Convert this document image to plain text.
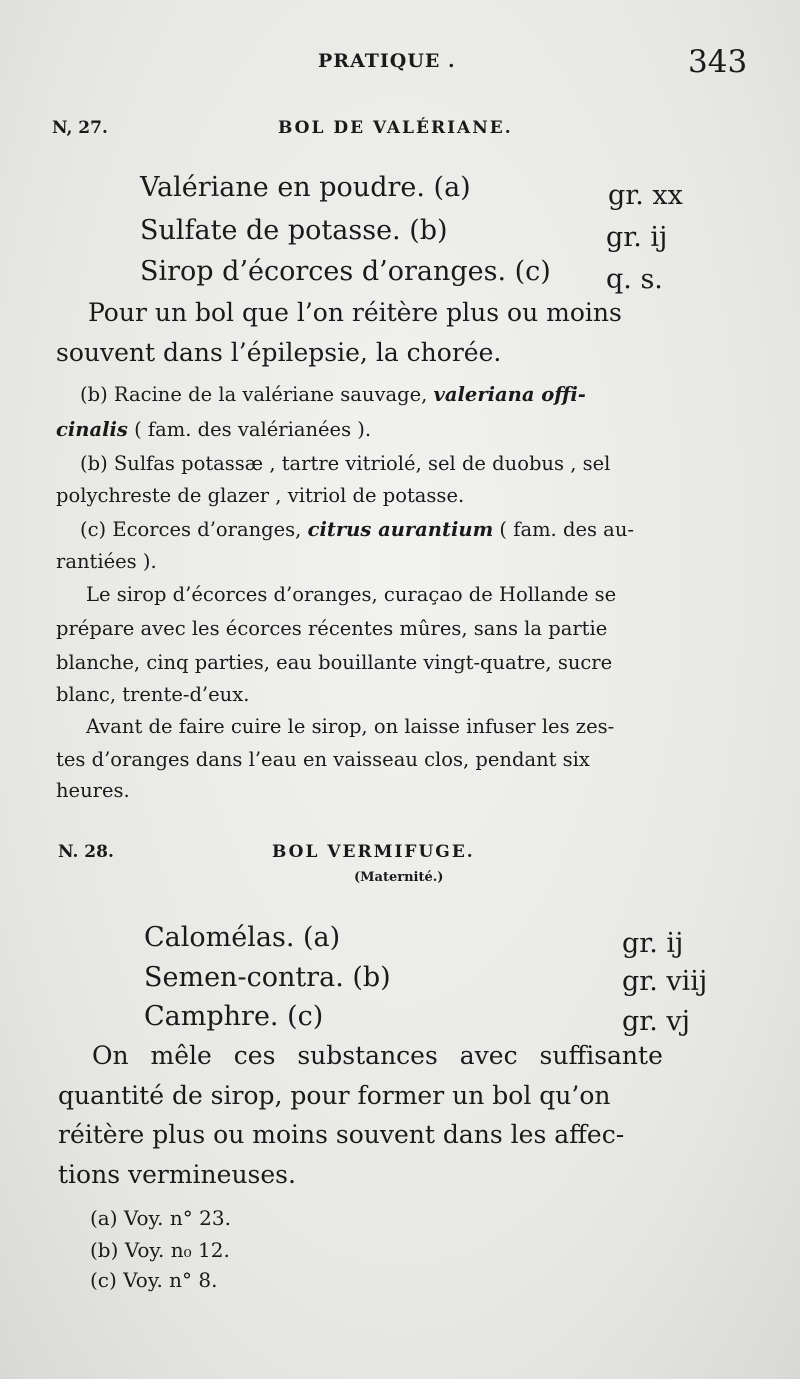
PRATIQUE .	343
N, 27.	BOL DE VALÉRIANE.
Valériane en poudre. (a)	gr. xx
Sulfate de potasse. (b)	gr. ij
Sirop d’écorces d’oranges. (c) q. s.
Pour un bol que l’on réitère plus ou moins
souvent dans l’épilepsie, la chorée.
(b) Racine de la valériane sauvage, valeriana offi-
cinalis ( fam. des valérianées ).
(b) Sulfas potassæ , tartre vitriolé, sel de duobus , sel
polychreste de glazer , vitriol de potasse.
(c) Ecorces d’oranges, citrus aurantium ( fam. des au-
rantiées ).
Le sirop d’écorces d’oranges, curaçao de Hollande se
prépare avec les écorces récentes mûres, sans la partie
blanche, cinq parties, eau bouillante vingt-quatre, sucre
blanc, trente-d’eux.
Avant de faire cuire le sirop, on laisse infuser les zes-
tes d’oranges dans l’eau en vaisseau clos, pendant six
heures.
N. 28.	BOL VERMIFUGE.
(Maternité.)
Calomélas. (a)	gr. ij
Semen-contra. (b)	gr. viij
Camphre. (c)	gr. vj
On mêle ces substances avec suffisante
quantité de sirop, pour former un bol qu’on
réitère plus ou moins souvent dans les affec-
tions vermineuses.
(a) Voy. n° 23.
(b) Voy. n₀ 12.
(c) Voy. n° 8.
